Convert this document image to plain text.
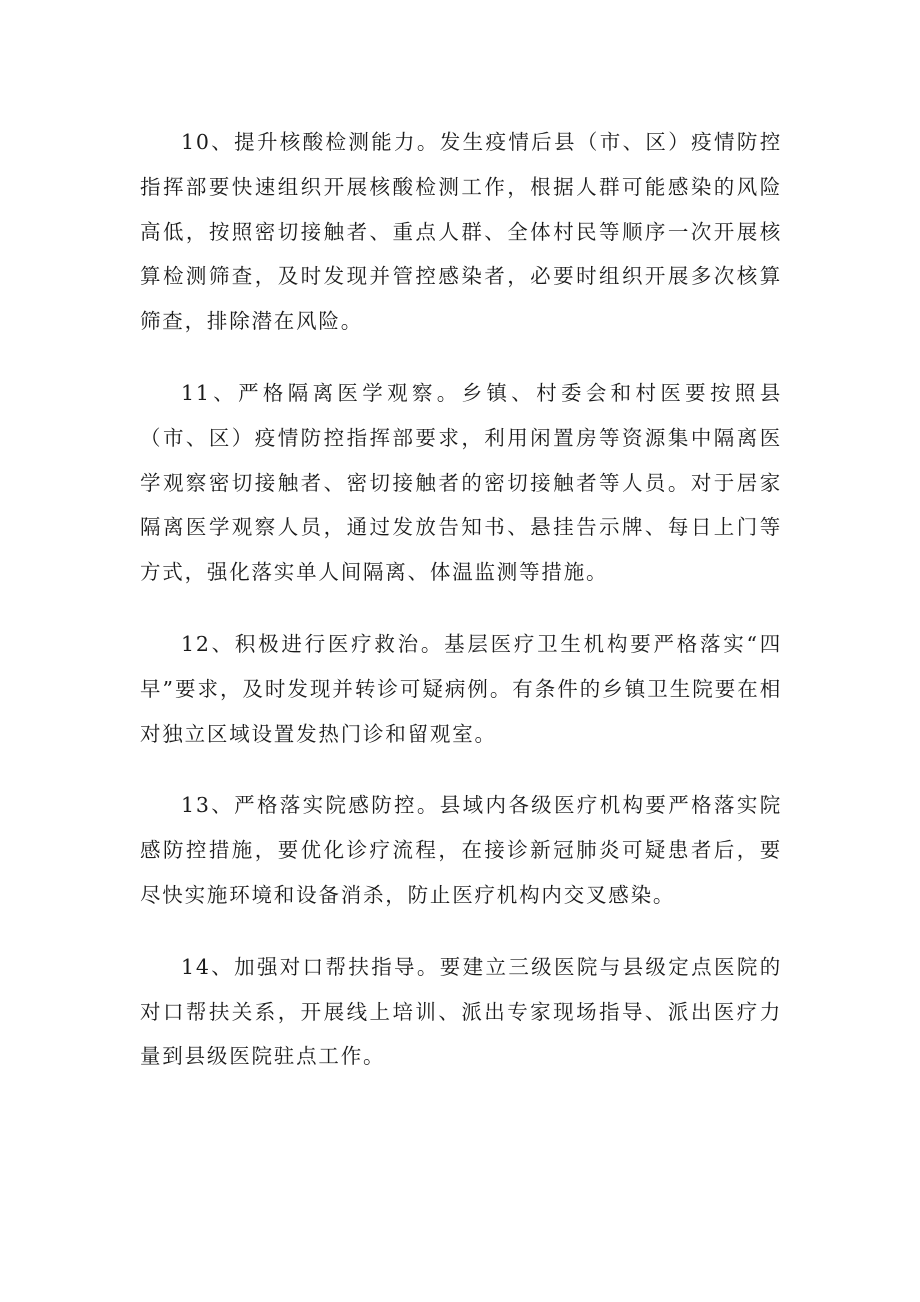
10、提升核酸检测能力。发生疫情后县（市、区）疫情防控指挥部要快速组织开展核酸检测工作，根据人群可能感染的风险高低，按照密切接触者、重点人群、全体村民等顺序一次开展核算检测筛查，及时发现并管控感染者，必要时组织开展多次核算筛查，排除潜在风险。

11、严格隔离医学观察。乡镇、村委会和村医要按照县（市、区）疫情防控指挥部要求，利用闲置房等资源集中隔离医学观察密切接触者、密切接触者的密切接触者等人员。对于居家隔离医学观察人员，通过发放告知书、悬挂告示牌、每日上门等方式，强化落实单人间隔离、体温监测等措施。

12、积极进行医疗救治。基层医疗卫生机构要严格落实“四早”要求，及时发现并转诊可疑病例。有条件的乡镇卫生院要在相对独立区域设置发热门诊和留观室。

13、严格落实院感防控。县域内各级医疗机构要严格落实院感防控措施，要优化诊疗流程，在接诊新冠肺炎可疑患者后，要尽快实施环境和设备消杀，防止医疗机构内交叉感染。

14、加强对口帮扶指导。要建立三级医院与县级定点医院的对口帮扶关系，开展线上培训、派出专家现场指导、派出医疗力量到县级医院驻点工作。
